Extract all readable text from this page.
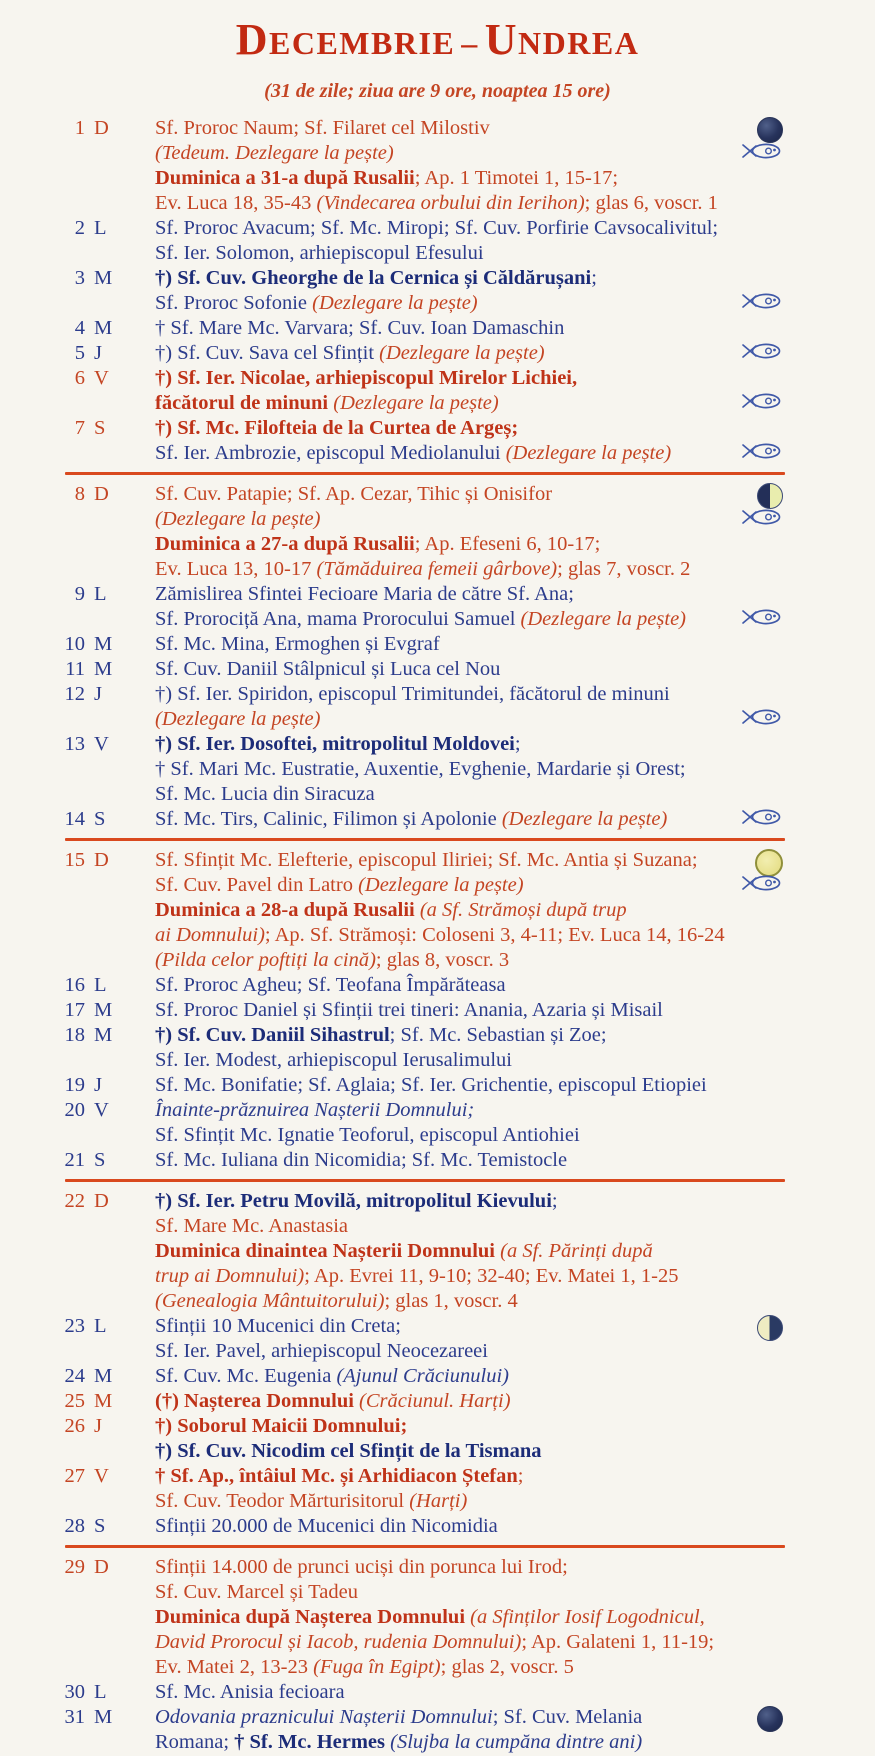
DECEMBRIE – UNDREA
(31 de zile; ziua are 9 ore, noaptea 15 ore)
1 D	Sf. Proroc Naum; Sf. Filaret cel Milostiv
(Tedeum. Dezlegare la pește)
Duminica a 31-a după Rusalii; Ap. 1 Timotei 1, 15-17;
Ev. Luca 18, 35-43 (Vindecarea orbului din Ierihon); glas 6, voscr. 1
2 L	Sf. Proroc Avacum; Sf. Mc. Miropi; Sf. Cuv. Porfirie Cavsocalivitul;
Sf. Ier. Solomon, arhiepiscopul Efesului
3 M	†) Sf. Cuv. Gheorghe de la Cernica și Căldărușani;
Sf. Proroc Sofonie (Dezlegare la pește)
4 M	† Sf. Mare Mc. Varvara; Sf. Cuv. Ioan Damaschin
5 J	†) Sf. Cuv. Sava cel Sfințit (Dezlegare la pește)
6 V	†) Sf. Ier. Nicolae, arhiepiscopul Mirelor Lichiei,
făcătorul de minuni (Dezlegare la pește)
7 S	†) Sf. Mc. Filofteia de la Curtea de Argeș;
Sf. Ier. Ambrozie, episcopul Mediolanului (Dezlegare la pește)
8 D	Sf. Cuv. Patapie; Sf. Ap. Cezar, Tihic și Onisifor
(Dezlegare la pește)
Duminica a 27-a după Rusalii; Ap. Efeseni 6, 10-17;
Ev. Luca 13, 10-17 (Tămăduirea femeii gârbove); glas 7, voscr. 2
9 L	Zămislirea Sfintei Fecioare Maria de către Sf. Ana;
Sf. Prorociță Ana, mama Prorocului Samuel (Dezlegare la pește)
10 M	Sf. Mc. Mina, Ermoghen și Evgraf
11 M	Sf. Cuv. Daniil Stâlpnicul și Luca cel Nou
12 J	†) Sf. Ier. Spiridon, episcopul Trimitundei, făcătorul de minuni
(Dezlegare la pește)
13 V	†) Sf. Ier. Dosoftei, mitropolitul Moldovei;
† Sf. Mari Mc. Eustratie, Auxentie, Evghenie, Mardarie și Orest;
Sf. Mc. Lucia din Siracuza
14 S	Sf. Mc. Tirs, Calinic, Filimon și Apolonie (Dezlegare la pește)
15 D	Sf. Sfințit Mc. Elefterie, episcopul Iliriei; Sf. Mc. Antia și Suzana;
Sf. Cuv. Pavel din Latro (Dezlegare la pește)
Duminica a 28-a după Rusalii (a Sf. Strămoși după trup
ai Domnului); Ap. Sf. Strămoși: Coloseni 3, 4-11; Ev. Luca 14, 16-24
(Pilda celor poftiți la cină); glas 8, voscr. 3
16 L	Sf. Proroc Agheu; Sf. Teofana Împărăteasa
17 M	Sf. Proroc Daniel și Sfinții trei tineri: Anania, Azaria și Misail
18 M	†) Sf. Cuv. Daniil Sihastrul; Sf. Mc. Sebastian și Zoe;
Sf. Ier. Modest, arhiepiscopul Ierusalimului
19 J	Sf. Mc. Bonifatie; Sf. Aglaia; Sf. Ier. Grichentie, episcopul Etiopiei
20 V	Înainte-prăznuirea Nașterii Domnului;
Sf. Sfințit Mc. Ignatie Teoforul, episcopul Antiohiei
21 S	Sf. Mc. Iuliana din Nicomidia; Sf. Mc. Temistocle
22 D	†) Sf. Ier. Petru Movilă, mitropolitul Kievului;
Sf. Mare Mc. Anastasia
Duminica dinaintea Nașterii Domnului (a Sf. Părinți după
trup ai Domnului); Ap. Evrei 11, 9-10; 32-40; Ev. Matei 1, 1-25
(Genealogia Mântuitorului); glas 1, voscr. 4
23 L	Sfinții 10 Mucenici din Creta;
Sf. Ier. Pavel, arhiepiscopul Neocezareei
24 M	Sf. Cuv. Mc. Eugenia (Ajunul Crăciunului)
25 M	(†) Nașterea Domnului (Crăciunul. Harți)
26 J	†) Soborul Maicii Domnului;
†) Sf. Cuv. Nicodim cel Sfințit de la Tismana
27 V	† Sf. Ap., întâiul Mc. și Arhidiacon Ștefan;
Sf. Cuv. Teodor Mărturisitorul (Harți)
28 S	Sfinții 20.000 de Mucenici din Nicomidia
29 D	Sfinții 14.000 de prunci uciși din porunca lui Irod;
Sf. Cuv. Marcel și Tadeu
Duminica după Nașterea Domnului (a Sfinților Iosif Logodnicul,
David Prorocul și Iacob, rudenia Domnului); Ap. Galateni 1, 11-19;
Ev. Matei 2, 13-23 (Fuga în Egipt); glas 2, voscr. 5
30 L	Sf. Mc. Anisia fecioara
31 M	Odovania praznicului Nașterii Domnului; Sf. Cuv. Melania
Romana; † Sf. Mc. Hermes (Slujba la cumpăna dintre ani)
